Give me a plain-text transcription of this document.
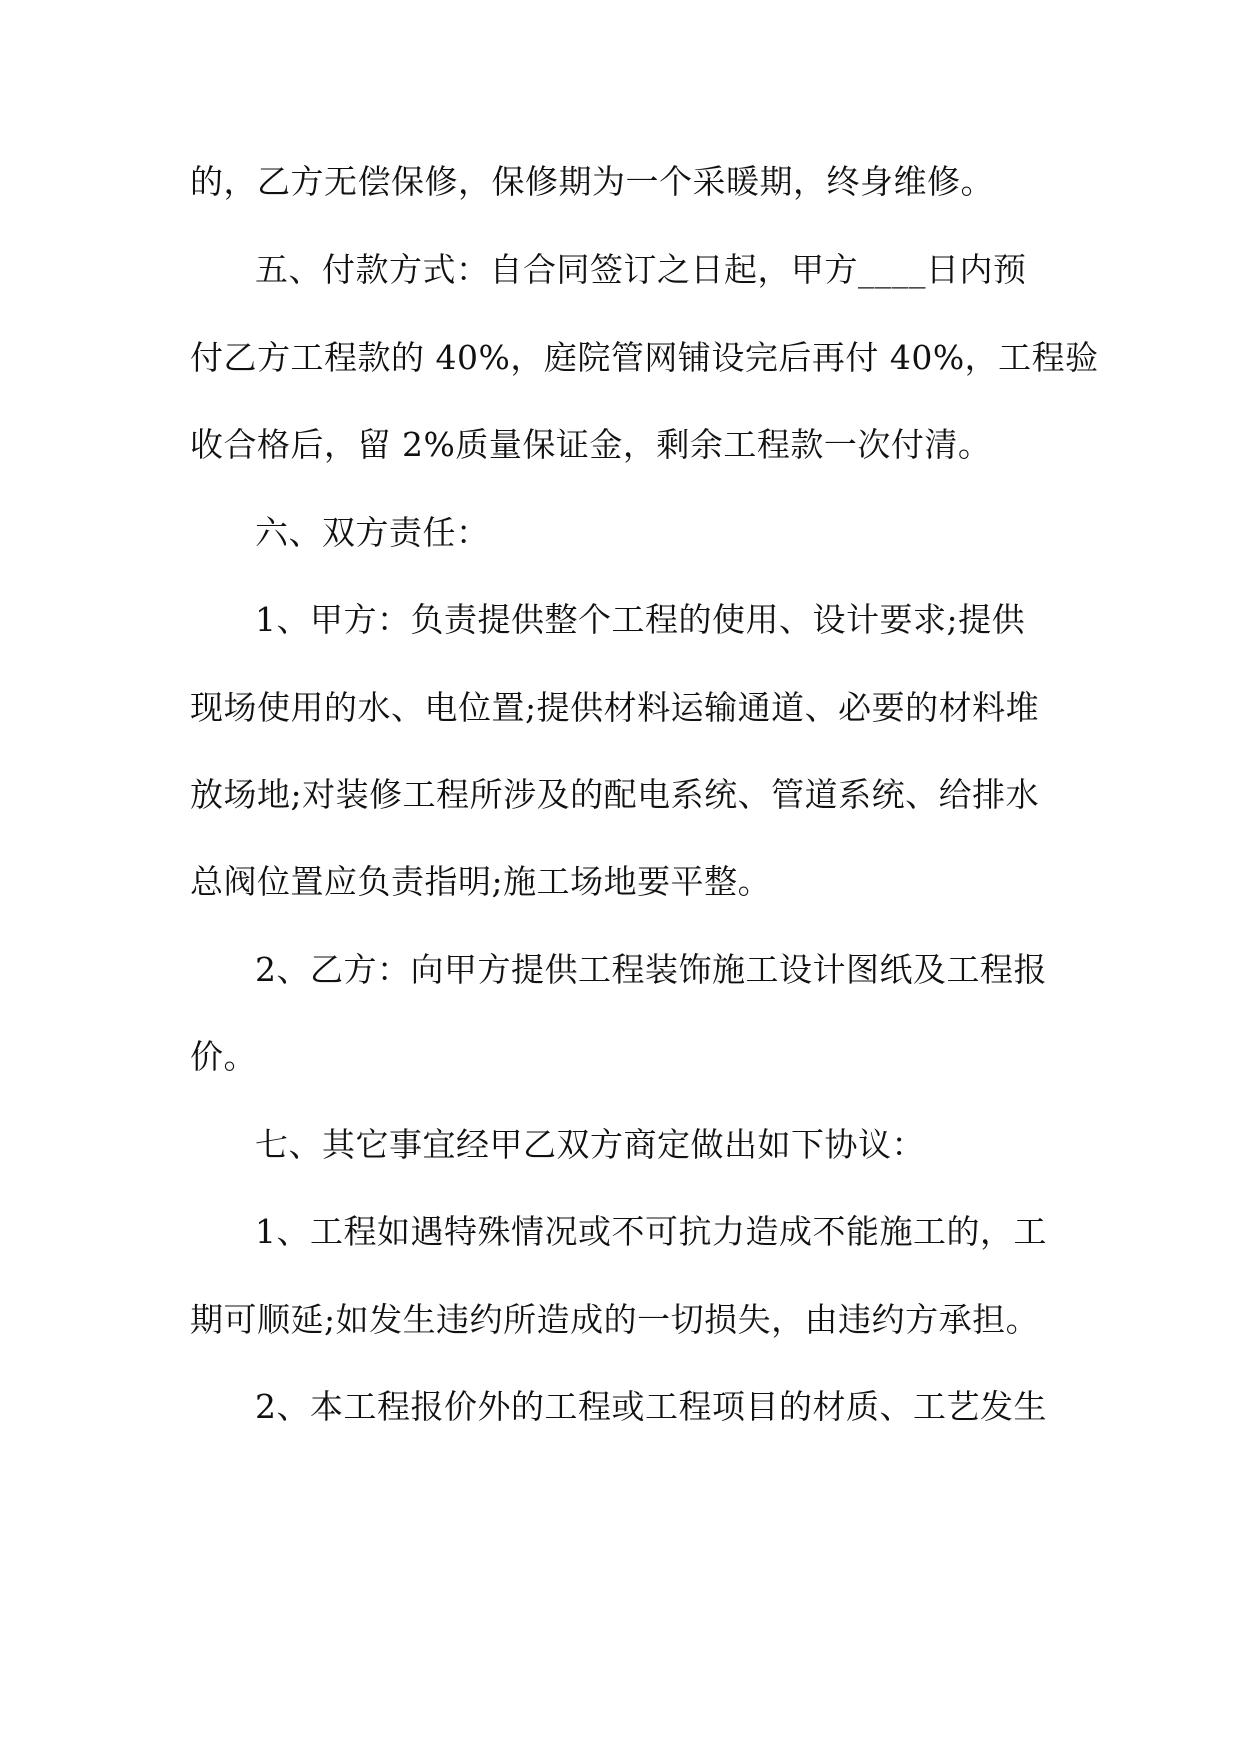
的，乙方无偿保修，保修期为一个采暖期，终身维修。
五、付款方式：自合同签订之日起，甲方____日内预
付乙方工程款的 40%，庭院管网铺设完后再付 40%，工程验
收合格后，留 2%质量保证金，剩余工程款一次付清。
六、双方责任：
1、甲方：负责提供整个工程的使用、设计要求;提供
现场使用的水、电位置;提供材料运输通道、必要的材料堆
放场地;对装修工程所涉及的配电系统、管道系统、给排水
总阀位置应负责指明;施工场地要平整。
2、乙方：向甲方提供工程装饰施工设计图纸及工程报
价。
七、其它事宜经甲乙双方商定做出如下协议：
1、工程如遇特殊情况或不可抗力造成不能施工的，工
期可顺延;如发生违约所造成的一切损失，由违约方承担。
2、本工程报价外的工程或工程项目的材质、工艺发生
